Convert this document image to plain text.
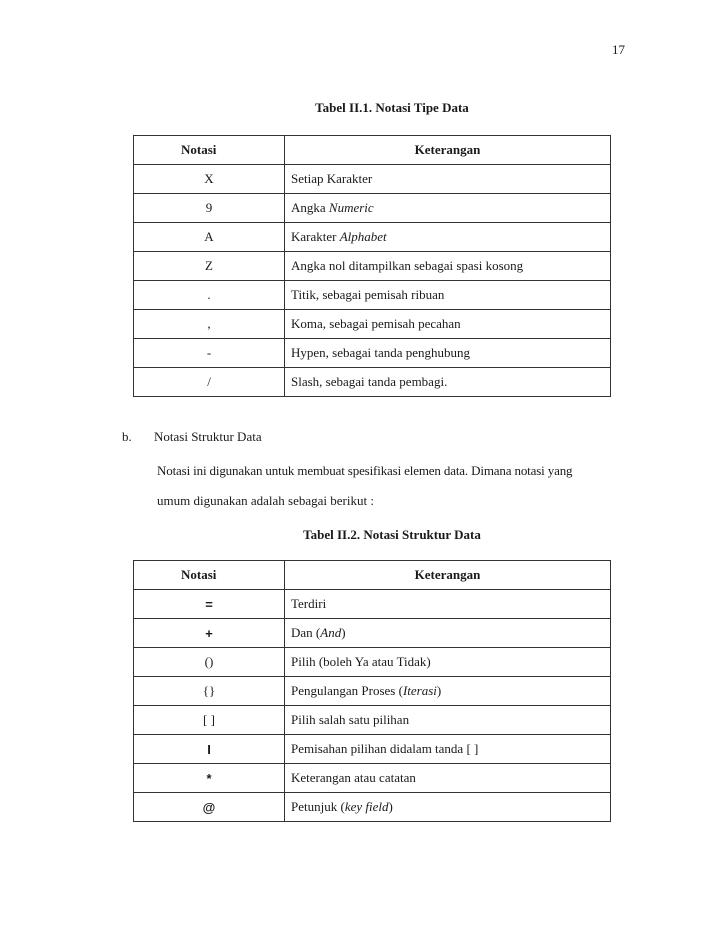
17
Tabel II.1. Notasi Tipe Data
Notasi	Keterangan
X	Setiap Karakter
9	Angka Numeric
A	Karakter Alphabet
Z	Angka nol ditampilkan sebagai spasi kosong
.	Titik, sebagai pemisah ribuan
,	Koma, sebagai pemisah pecahan
-	Hypen, sebagai tanda penghubung
/	Slash, sebagai tanda pembagi.
b. Notasi Struktur Data
Notasi ini digunakan untuk membuat spesifikasi elemen data. Dimana notasi yang
umum digunakan adalah sebagai berikut :
Tabel II.2. Notasi Struktur Data
Notasi	Keterangan
=	Terdiri
+	Dan (And)
()	Pilih (boleh Ya atau Tidak)
{}	Pengulangan Proses (Iterasi)
[ ]	Pilih salah satu pilihan
I	Pemisahan pilihan didalam tanda [ ]
*	Keterangan atau catatan
@	Petunjuk (key field)
